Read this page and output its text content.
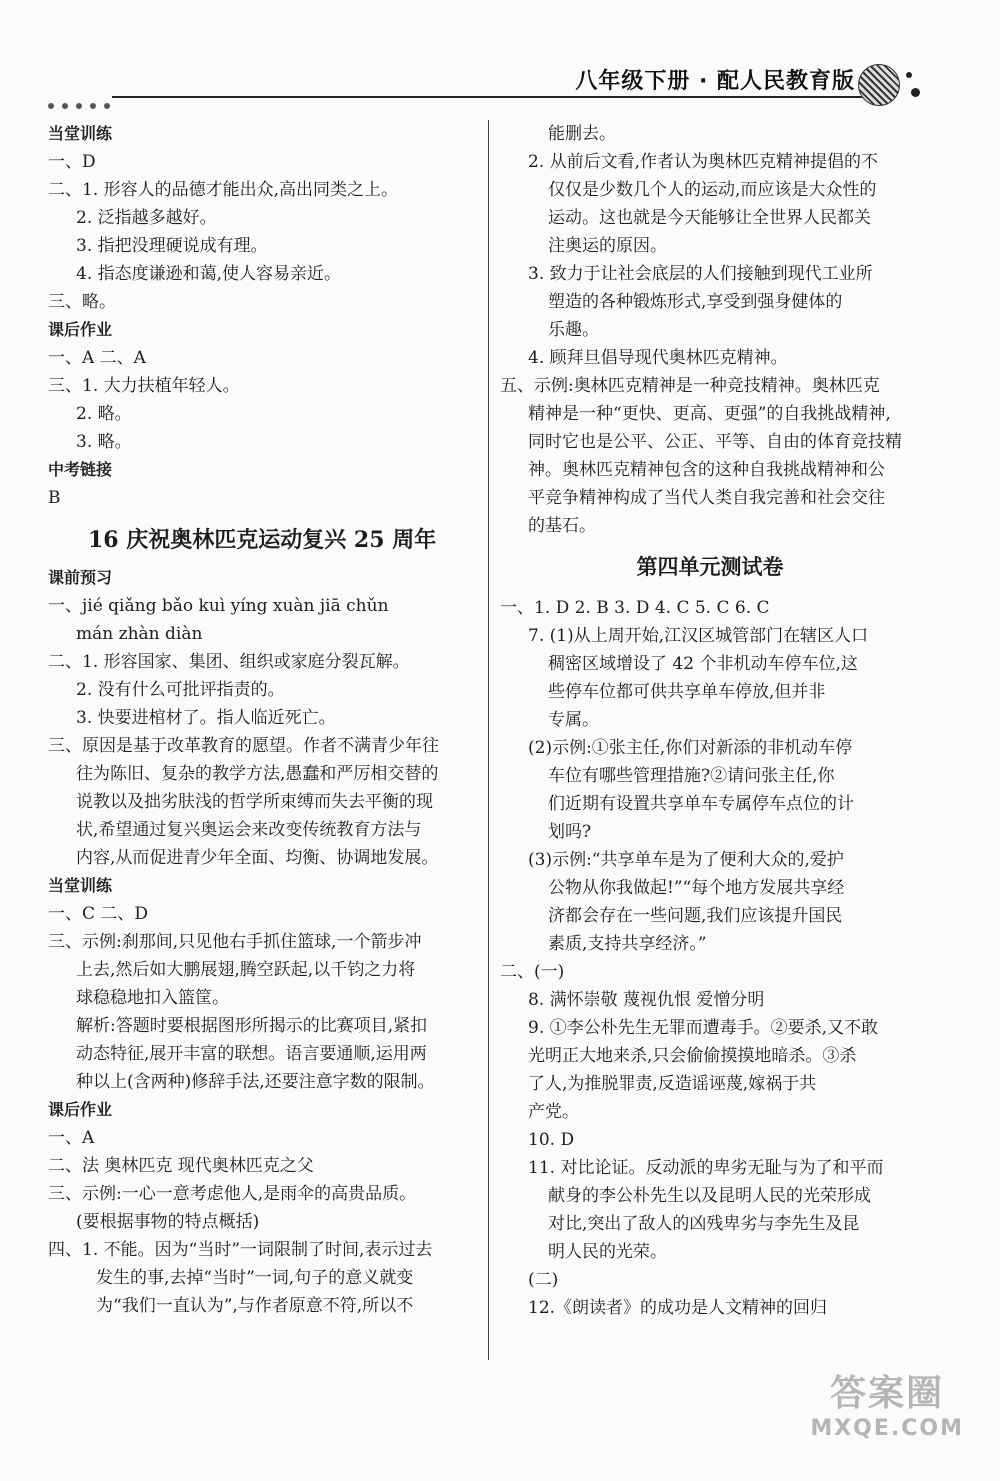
八年级下册 · 配人民教育版
当堂训练
一、D
二、1. 形容人的品德才能出众,高出同类之上。
2. 泛指越多越好。
3. 指把没理硬说成有理。
4. 指态度谦逊和蔼,使人容易亲近。
三、略。
课后作业
一、A 二、A
三、1. 大力扶植年轻人。
2. 略。
3. 略。
中考链接
B
16 庆祝奥林匹克运动复兴 25 周年
课前预习
一、jié qiǎng bǎo kuì yíng xuàn jiā chǔn
mán zhàn diàn
二、1. 形容国家、集团、组织或家庭分裂瓦解。
2. 没有什么可批评指责的。
3. 快要进棺材了。指人临近死亡。
三、原因是基于改革教育的愿望。作者不满青少年往
往为陈旧、复杂的教学方法,愚蠢和严厉相交替的
说教以及拙劣肤浅的哲学所束缚而失去平衡的现
状,希望通过复兴奥运会来改变传统教育方法与
内容,从而促进青少年全面、均衡、协调地发展。
当堂训练
一、C 二、D
三、示例:刹那间,只见他右手抓住篮球,一个箭步冲
上去,然后如大鹏展翅,腾空跃起,以千钧之力将
球稳稳地扣入篮筐。
解析:答题时要根据图形所揭示的比赛项目,紧扣
动态特征,展开丰富的联想。语言要通顺,运用两
种以上(含两种)修辞手法,还要注意字数的限制。
课后作业
一、A
二、法 奥林匹克 现代奥林匹克之父
三、示例:一心一意考虑他人,是雨伞的高贵品质。
(要根据事物的特点概括)
四、1. 不能。因为“当时”一词限制了时间,表示过去
发生的事,去掉“当时”一词,句子的意义就变
为“我们一直认为”,与作者原意不符,所以不
能删去。
2. 从前后文看,作者认为奥林匹克精神提倡的不
仅仅是少数几个人的运动,而应该是大众性的
运动。这也就是今天能够让全世界人民都关
注奥运的原因。
3. 致力于让社会底层的人们接触到现代工业所
塑造的各种锻炼形式,享受到强身健体的
乐趣。
4. 顾拜旦倡导现代奥林匹克精神。
五、示例:奥林匹克精神是一种竞技精神。奥林匹克
精神是一种“更快、更高、更强”的自我挑战精神,
同时它也是公平、公正、平等、自由的体育竞技精
神。奥林匹克精神包含的这种自我挑战精神和公
平竞争精神构成了当代人类自我完善和社会交往
的基石。
第四单元测试卷
一、1. D 2. B 3. D 4. C 5. C 6. C
7. (1)从上周开始,江汉区城管部门在辖区人口
稠密区域增设了 42 个非机动车停车位,这
些停车位都可供共享单车停放,但并非
专属。
(2)示例:①张主任,你们对新添的非机动车停
车位有哪些管理措施?②请问张主任,你
们近期有设置共享单车专属停车点位的计
划吗?
(3)示例:“共享单车是为了便利大众的,爱护
公物从你我做起!”“每个地方发展共享经
济都会存在一些问题,我们应该提升国民
素质,支持共享经济。”
二、(一)
8. 满怀崇敬 蔑视仇恨 爱憎分明
9. ①李公朴先生无罪而遭毒手。②要杀,又不敢
光明正大地来杀,只会偷偷摸摸地暗杀。③杀
了人,为推脱罪责,反造谣诬蔑,嫁祸于共
产党。
10. D
11. 对比论证。反动派的卑劣无耻与为了和平而
献身的李公朴先生以及昆明人民的光荣形成
对比,突出了敌人的凶残卑劣与李先生及昆
明人民的光荣。
(二)
12.《朗读者》的成功是人文精神的回归
答案圈
MXQE.COM
